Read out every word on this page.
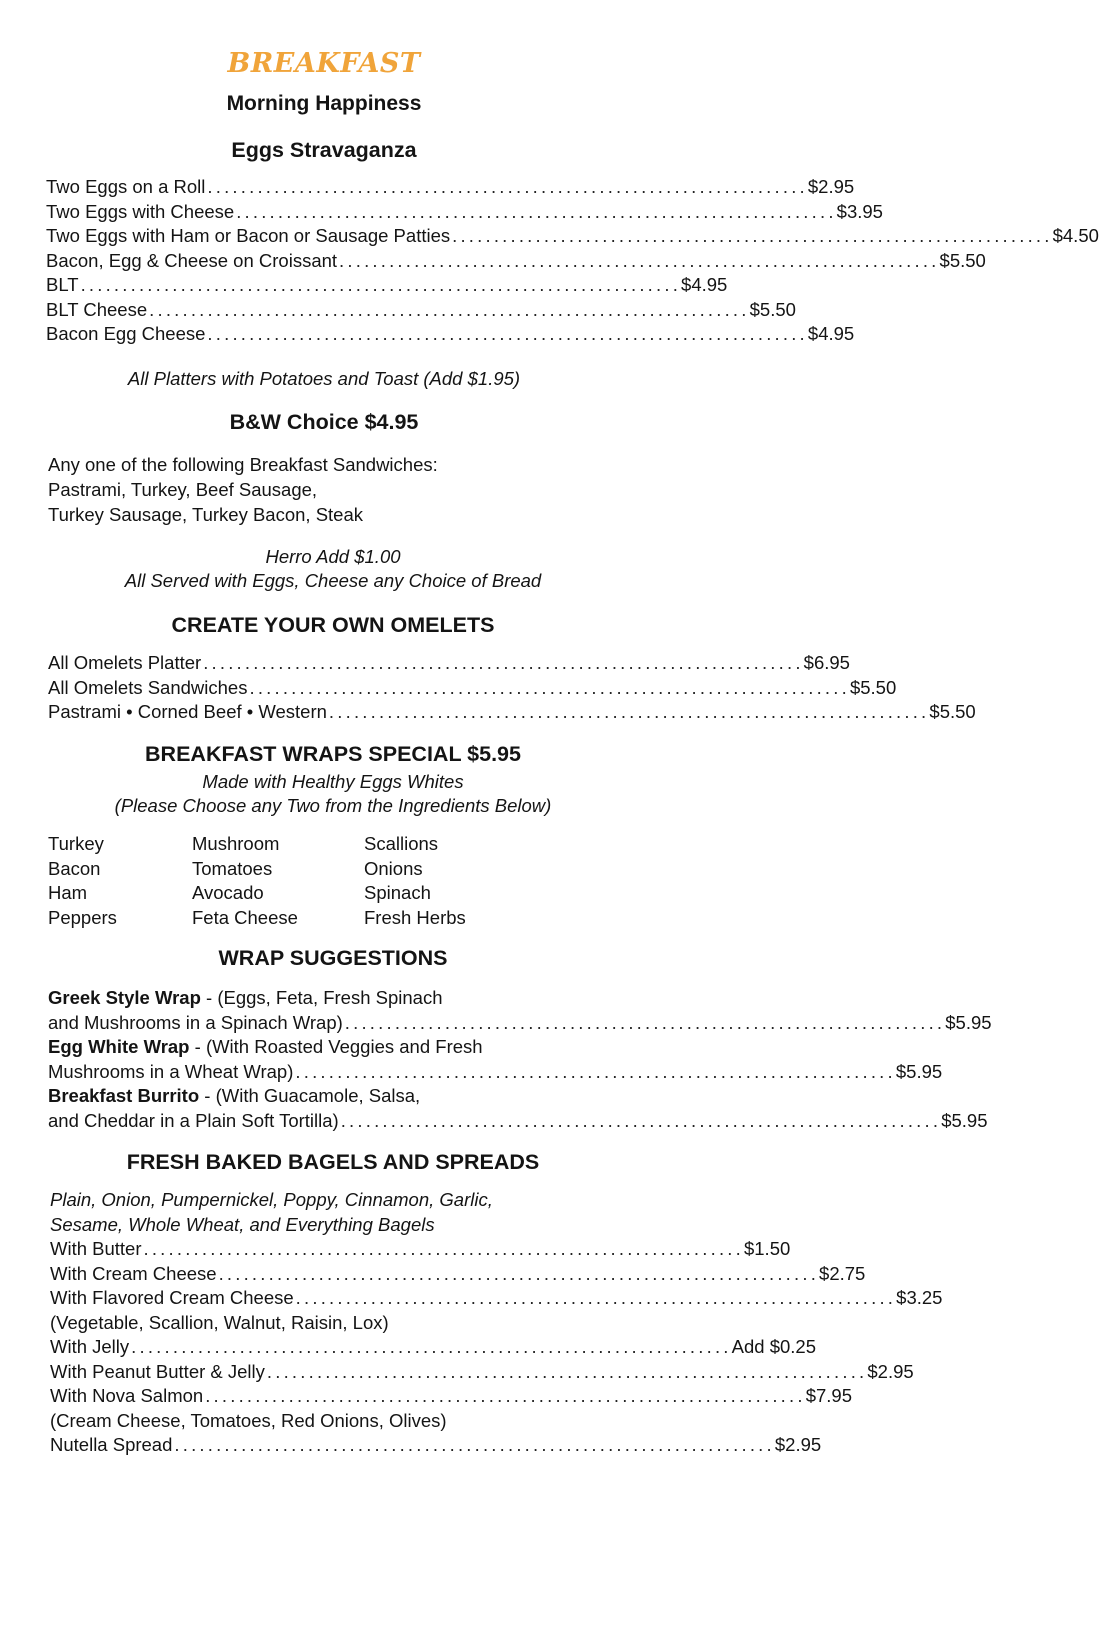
BREAKFAST
Morning Happiness
Eggs Stravaganza
Two Eggs on a Roll ........................................................................ $2.95
Two Eggs with Cheese ........................................................................ $3.95
Two Eggs with Ham or Bacon or Sausage Patties ........................................................................ $4.50
Bacon, Egg & Cheese on Croissant ........................................................................ $5.50
BLT ........................................................................ $4.95
BLT Cheese ........................................................................ $5.50
Bacon Egg Cheese ........................................................................ $4.95
All Platters with Potatoes and Toast (Add $1.95)
B&W Choice $4.95
Any one of the following Breakfast Sandwiches:
Pastrami, Turkey, Beef Sausage,
Turkey Sausage, Turkey Bacon, Steak
Herro Add $1.00
All Served with Eggs, Cheese any Choice of Bread
CREATE YOUR OWN OMELETS
All Omelets Platter ........................................................................ $6.95
All Omelets Sandwiches ........................................................................ $5.50
Pastrami • Corned Beef • Western ........................................................................ $5.50
BREAKFAST WRAPS SPECIAL $5.95
Made with Healthy Eggs Whites
(Please Choose any Two from the Ingredients Below)
Turkey
Bacon
Ham
Peppers
Mushroom
Tomatoes
Avocado
Feta Cheese
Scallions
Onions
Spinach
Fresh Herbs
WRAP SUGGESTIONS
Greek Style Wrap - (Eggs, Feta, Fresh Spinach
and Mushrooms in a Spinach Wrap) ........................................................................ $5.95
Egg White Wrap - (With Roasted Veggies and Fresh
Mushrooms in a Wheat Wrap) ........................................................................ $5.95
Breakfast Burrito - (With Guacamole, Salsa,
and Cheddar in a Plain Soft Tortilla) ........................................................................ $5.95
FRESH BAKED BAGELS AND SPREADS
Plain, Onion, Pumpernickel, Poppy, Cinnamon, Garlic,
Sesame, Whole Wheat, and Everything Bagels
With Butter ........................................................................ $1.50
With Cream Cheese ........................................................................ $2.75
With Flavored Cream Cheese ........................................................................ $3.25
(Vegetable, Scallion, Walnut, Raisin, Lox)
With Jelly ........................................................................ Add $0.25
With Peanut Butter & Jelly ........................................................................ $2.95
With Nova Salmon ........................................................................ $7.95
(Cream Cheese, Tomatoes, Red Onions, Olives)
Nutella Spread ........................................................................ $2.95
